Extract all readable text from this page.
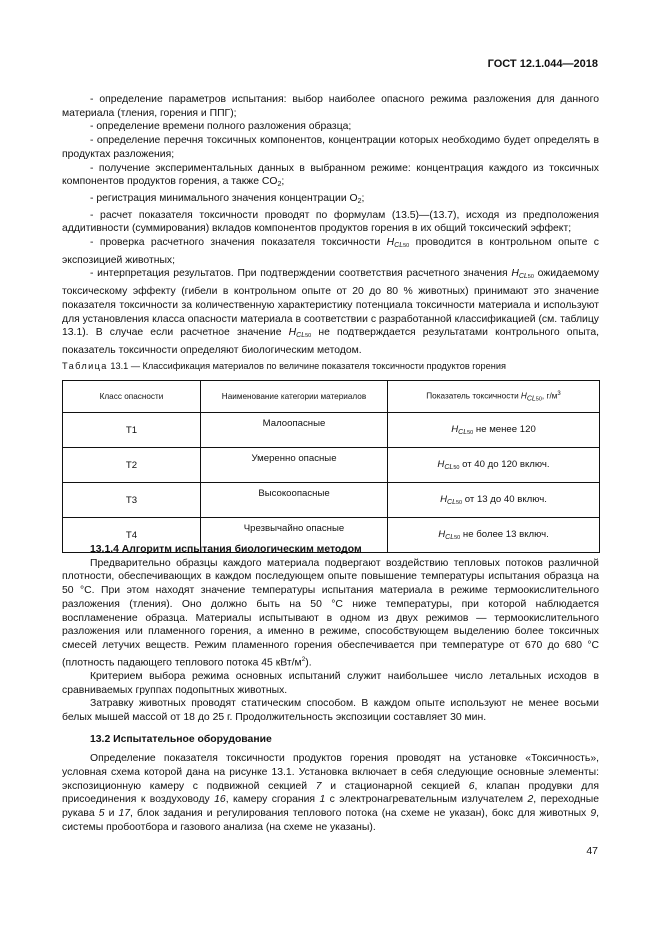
ГОСТ 12.1.044—2018

- определение параметров испытания: выбор наиболее опасного режима разложения для данного материала (тления, горения и ППГ);

- определение времени полного разложения образца;

- определение перечня токсичных компонентов, концентрации которых необходимо будет определять в продуктах разложения;

- получение экспериментальных данных в выбранном режиме: концентрация каждого из токсичных компонентов продуктов горения, а также $CO_2$;

- регистрация минимального значения концентрации $O_2$;

- расчет показателя токсичности проводят по формулам (13.5)—(13.7), исходя из предположения аддитивности (суммирования) вкладов компонентов продуктов горения в их общий токсический эффект;

- проверка расчетного значения показателя токсичности $H_{CL}50$ проводится в контрольном опыте с экспозицией животных;

- интерпретация результатов. При подтверждении соответствия расчетного значения $H_{CL}50$ ожидаемому токсическому эффекту (гибели в контрольном опыте от 20 до 80 % животных) принимают это значение показателя токсичности за количественную характеристику потенциала токсичности материала и используют для установления класса опасности материала в соответствии с разработанной классификацией (см. таблицу 13.1). В случае если расчетное значение $H_{CL}50$ не подтверждается результатами контрольного опыта, показатель токсичности определяют биологическим методом.

Таблица 13.1 — Классификация материалов по величине показателя токсичности продуктов горения
Класс опасности	Наименование категории материалов	Показатель токсичности $HCL_{50}$, $г/м^3$
Т1	Малоопасные	$H_{CL50}$ не менее 120
Т2	Умеренно опасные	$H_{CL50}$ от 40 до 120 включ.
Т3	Высокоопасные	$H_{CL50}$ от 13 до 40 включ.
Т4	Чрезвычайно опасные	$H_{CL50}$ не более 13 включ.

13.1.4 Алгоритм испытания биологическим методом

Предварительно образцы каждого материала подвергают воздействию тепловых потоков различной плотности, обеспечивающих в каждом последующем опыте повышение температуры испытания образца на 50 °С. При этом находят значение температуры испытания материала в режиме термоокислительного разложения (тления). Оно должно быть на 50 °С ниже температуры, при которой наблюдается воспламенение образца. Материалы испытывают в одном из двух режимов — термоокислительного разложения или пламенного горения, а именно в режиме, способствующем выделению более токсичных смесей летучих веществ. Режим пламенного горения обеспечивается при температуре от 670 до 680 °С (плотность падающего теплового потока 45 кВт/$м^2$).

Критерием выбора режима основных испытаний служит наибольшее число летальных исходов в сравниваемых группах подопытных животных.

Затравку животных проводят статическим способом. В каждом опыте используют не менее восьми белых мышей массой от 18 до 25 г. Продолжительность экспозиции составляет 30 мин.

13.2 Испытательное оборудование

Определение показателя токсичности продуктов горения проводят на установке «Токсичность», условная схема которой дана на рисунке 13.1. Установка включает в себя следующие основные элементы: экспозиционную камеру с подвижной секцией 7 и стационарной секцией 6, клапан продувки для присоединения к воздуховоду 16, камеру сгорания 1 с электронагревательным излучателем 2, переходные рукава 5 и 17, блок задания и регулирования теплового потока (на схеме не указан), бокс для животных 9, системы пробоотбора и газового анализа (на схеме не указаны).

47
